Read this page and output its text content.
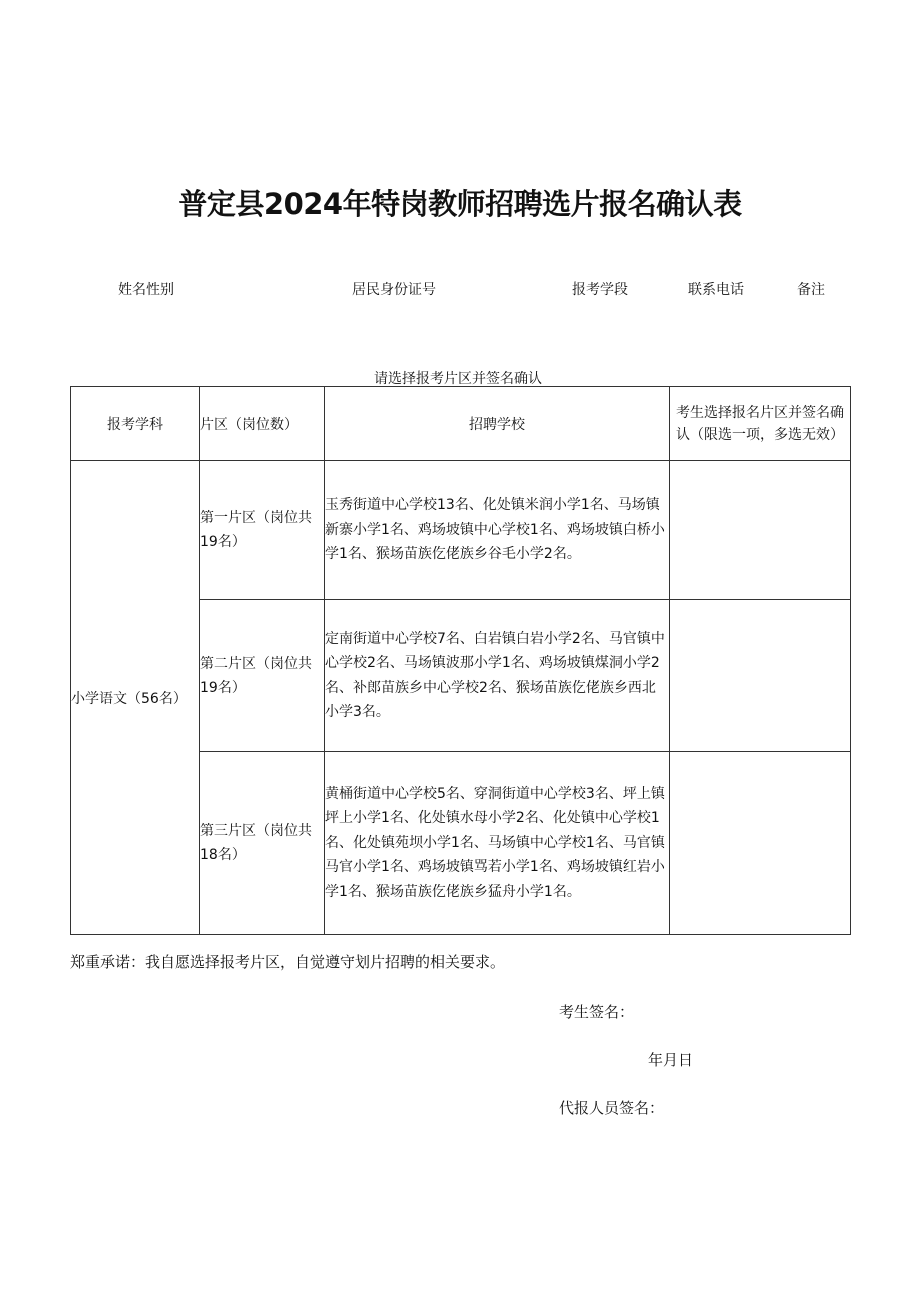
普定县2024年特岗教师招聘选片报名确认表
姓名性别	居民身份证号	报考学段	联系电话	备注
请选择报考片区并签名确认
报考学科	片区（岗位数）	招聘学校	考生选择报名片区并签名确认（限选一项，多选无效）
小学语文（56名）	第一片区（岗位共19名）	玉秀街道中心学校13名、化处镇米润小学1名、马场镇新寨小学1名、鸡场坡镇中心学校1名、鸡场坡镇白桥小学1名、猴场苗族仡佬族乡谷毛小学2名。	
	第二片区（岗位共19名）	定南街道中心学校7名、白岩镇白岩小学2名、马官镇中心学校2名、马场镇波那小学1名、鸡场坡镇煤洞小学2名、补郎苗族乡中心学校2名、猴场苗族仡佬族乡西北小学3名。	
	第三片区（岗位共18名）	黄桶街道中心学校5名、穿洞街道中心学校3名、坪上镇坪上小学1名、化处镇水母小学2名、化处镇中心学校1名、化处镇苑坝小学1名、马场镇中心学校1名、马官镇马官小学1名、鸡场坡镇骂若小学1名、鸡场坡镇红岩小学1名、猴场苗族仡佬族乡猛舟小学1名。	
郑重承诺：我自愿选择报考片区，自觉遵守划片招聘的相关要求。
考生签名：
年月日
代报人员签名：
